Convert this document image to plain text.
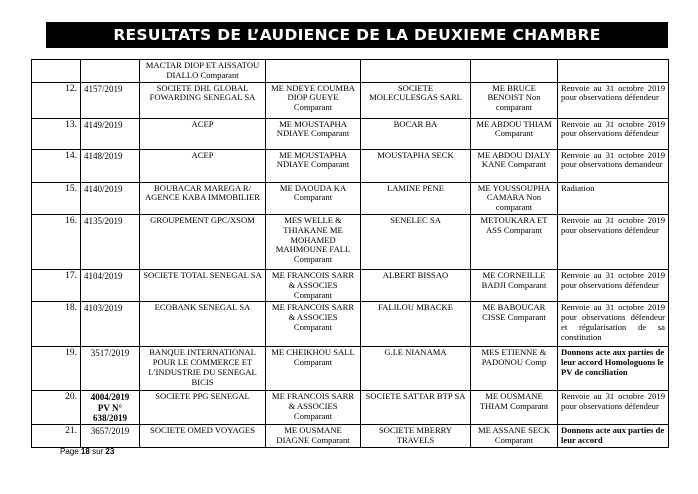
RESULTATS DE L’AUDIENCE DE LA DEUXIEME CHAMBRE
		MACTAR DIOP ET AISSATOU DIALLO Comparant				
12.	4157/2019	SOCIETE DHL GLOBAL FOWARDING SENEGAL SA	ME NDEYE COUMBA DIOP GUEYE Comparant	SOCIETE MOLECULESGAS SARL	ME BRUCE BENOIST Non comparant	Renvoie au 31 octobre 2019 pour observations défendeur
13.	4149/2019	ACEP	ME MOUSTAPHA NDIAYE Comparant	BOCAR BA	ME ABDOU THIAM Comparant	Renvoie au 31 octobre 2019 pour observations défendeur
14.	4148/2019	ACEP	ME MOUSTAPHA NDIAYE Comparant	MOUSTAPHA SECK	ME ABDOU DIALY KANE Comparant	Renvoie au 31 octobre 2019 pour observations demandeur
15.	4140/2019	BOUBACAR MAREGA R/ AGENCE KABA IMMOBILIER	ME DAOUDA KA Comparant	LAMINE PENE	ME YOUSSOUPHA CAMARA Non comparant	Radiation
16.	4135/2019	GROUPEMENT GPC/XSOM	MES WELLE & THIAKANE ME MOHAMED MAHMOUNE FALL Comparant	SENELEC SA	METOUKARA ET ASS Comparant	Renvoie au 31 octobre 2019 pour observations défendeur
17.	4104/2019	SOCIETE TOTAL SENEGAL SA	ME FRANCOIS SARR & ASSOCIES Comparant	ALBERT BISSAO	ME CORNEILLE BADJI Comparant	Renvoie au 31 octobre 2019 pour observations défendeur
18.	4103/2019	ECOBANK SENEGAL SA	ME FRANCOIS SARR & ASSOCIES Comparant	FALILOU MBACKE	ME BABOUCAR CISSE Comparant	Renvoie au 31 octobre 2019 pour observations défendeur et régularisation de sa constitution
19.	3517/2019	BANQUE INTERNATIONAL POUR LE COMMERCE ET L’INDUSTRIE DU SENEGAL BICIS	ME CHEIKHOU SALL Comparant	G.I.E NIANAMA	MES ETIENNE & PADONOU Comp	Donnons acte aux parties de leur accord Homologuons le PV de conciliation
20.	4004/2019 PV N° 638/2019	SOCIETE PPG SENEGAL	ME FRANCOIS SARR & ASSOCIES Comparant	SOCIETE SATTAR BTP SA	ME OUSMANE THIAM Comparant	Renvoie au 31 octobre 2019 pour observations défendeur
21.	3657/2019	SOCIETE OMED VOYAGES	ME OUSMANE DIAGNE Comparant	SOCIETE MBERRY TRAVELS	ME ASSANE SECK Comparant	Donnons acte aux parties de leur accord
Page 18 sur 23
